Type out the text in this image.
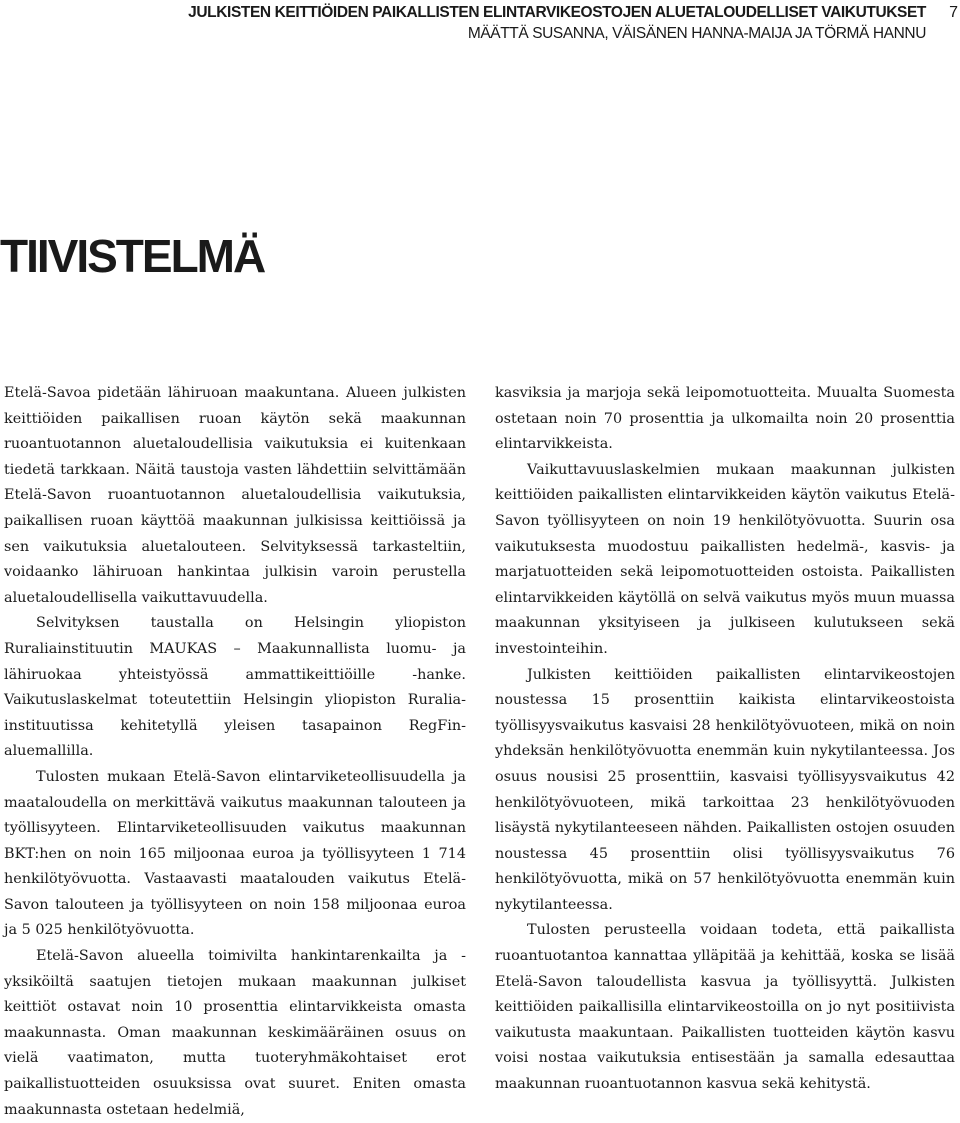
JULKISTEN KEITTIÖIDEN PAIKALLISTEN ELINTARVIKEOSTOJEN ALUETALOUDELLISET VAIKUTUKSET
MÄÄTTÄ SUSANNA, VÄISÄNEN HANNA-MAIJA JA TÖRMÄ HANNU
7
TIIVISTELMÄ

Etelä-Savoa pidetään lähiruoan maakuntana. Alueen julkisten keittiöiden paikallisen ruoan käytön sekä maakunnan ruoantuotannon aluetaloudellisia vaikutuksia ei kuitenkaan tiedetä tarkkaan. Näitä taustoja vasten lähdettiin selvittämään Etelä-Savon ruoantuotannon aluetaloudellisia vaikutuksia, paikallisen ruoan käyttöä maakunnan julkisissa keittiöissä ja sen vaikutuksia aluetalouteen. Selvityksessä tarkasteltiin, voidaanko lähiruoan hankintaa julkisin varoin perustella aluetaloudellisella vaikuttavuudella.

Selvityksen taustalla on Helsingin yliopiston Ruraliainstituutin MAUKAS – Maakunnallista luomu- ja lähiruokaa yhteistyössä ammattikeittiöille -hanke. Vaikutuslaskelmat toteutettiin Helsingin yliopiston Ruralia-instituutissa kehitetyllä yleisen tasapainon RegFin-aluemallilla.

Tulosten mukaan Etelä-Savon elintarviketeollisuudella ja maataloudella on merkittävä vaikutus maakunnan talouteen ja työllisyyteen. Elintarviketeollisuuden vaikutus maakunnan BKT:hen on noin 165 miljoonaa euroa ja työllisyyteen 1 714 henkilötyövuotta. Vastaavasti maatalouden vaikutus Etelä-Savon talouteen ja työllisyyteen on noin 158 miljoonaa euroa ja 5 025 henkilötyövuotta.

Etelä-Savon alueella toimivilta hankintarenkailta ja -yksiköiltä saatujen tietojen mukaan maakunnan julkiset keittiöt ostavat noin 10 prosenttia elintarvikkeista omasta maakunnasta. Oman maakunnan keskimääräinen osuus on vielä vaatimaton, mutta tuoteryhmäkohtaiset erot paikallistuotteiden osuuksissa ovat suuret. Eniten omasta maakunnasta ostetaan hedelmiä,

kasviksia ja marjoja sekä leipomotuotteita. Muualta Suomesta ostetaan noin 70 prosenttia ja ulkomailta noin 20 prosenttia elintarvikkeista.

Vaikuttavuuslaskelmien mukaan maakunnan julkisten keittiöiden paikallisten elintarvikkeiden käytön vaikutus Etelä-Savon työllisyyteen on noin 19 henkilötyövuotta. Suurin osa vaikutuksesta muodostuu paikallisten hedelmä-, kasvis- ja marjatuotteiden sekä leipomotuotteiden ostoista. Paikallisten elintarvikkeiden käytöllä on selvä vaikutus myös muun muassa maakunnan yksityiseen ja julkiseen kulutukseen sekä investointeihin.

Julkisten keittiöiden paikallisten elintarvikeostojen noustessa 15 prosenttiin kaikista elintarvikeostoista työllisyysvaikutus kasvaisi 28 henkilötyövuoteen, mikä on noin yhdeksän henkilötyövuotta enemmän kuin nykytilanteessa. Jos osuus nousisi 25 prosenttiin, kasvaisi työllisyysvaikutus 42 henkilötyövuoteen, mikä tarkoittaa 23 henkilötyövuoden lisäystä nykytilanteeseen nähden. Paikallisten ostojen osuuden noustessa 45 prosenttiin olisi työllisyysvaikutus 76 henkilötyövuotta, mikä on 57 henkilötyövuotta enemmän kuin nykytilanteessa.

Tulosten perusteella voidaan todeta, että paikallista ruoantuotantoa kannattaa ylläpitää ja kehittää, koska se lisää Etelä-Savon taloudellista kasvua ja työllisyyttä. Julkisten keittiöiden paikallisilla elintarvikeostoilla on jo nyt positiivista vaikutusta maakuntaan. Paikallisten tuotteiden käytön kasvu voisi nostaa vaikutuksia entisestään ja samalla edesauttaa maakunnan ruoantuotannon kasvua sekä kehitystä.
